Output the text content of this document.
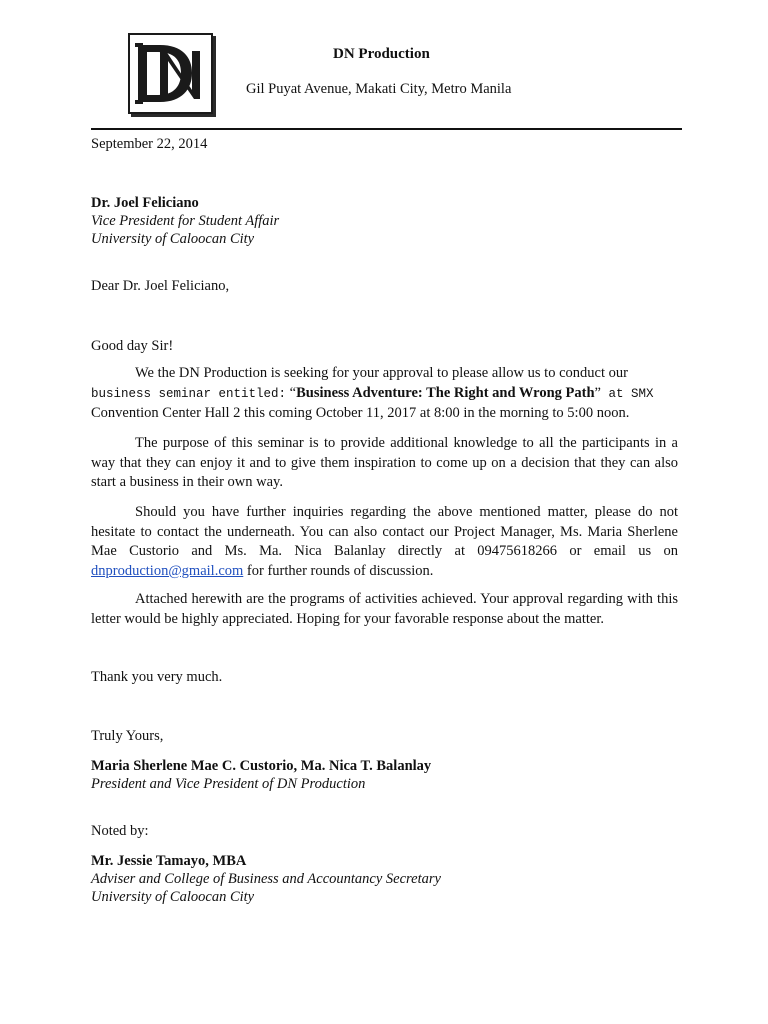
DN Production
Gil Puyat Avenue, Makati City, Metro Manila
September 22, 2014
Dr. Joel Feliciano
Vice President for Student Affair
University of Caloocan City
Dear Dr. Joel Feliciano,
Good day Sir!
We the DN Production is seeking for your approval to please allow us to conduct our
business seminar entitled: “Business Adventure: The Right and Wrong Path” at SMX
Convention Center Hall 2 this coming October 11, 2017 at 8:00 in the morning to 5:00 noon.
The purpose of this seminar is to provide additional knowledge to all the participants in a way that they can enjoy it and to give them inspiration to come up on a decision that they can also start a business in their own way.
Should you have further inquiries regarding the above mentioned matter, please do not hesitate to contact the underneath. You can also contact our Project Manager, Ms. Maria Sherlene Mae Custorio and Ms. Ma. Nica Balanlay directly at 09475618266 or email us on dnproduction@gmail.com for further rounds of discussion.
Attached herewith are the programs of activities achieved. Your approval regarding with this letter would be highly appreciated. Hoping for your favorable response about the matter.
Thank you very much.
Truly Yours,
Maria Sherlene Mae C. Custorio, Ma. Nica T. Balanlay
President and Vice President of DN Production
Noted by:
Mr. Jessie Tamayo, MBA
Adviser and College of Business and Accountancy Secretary
University of Caloocan City
